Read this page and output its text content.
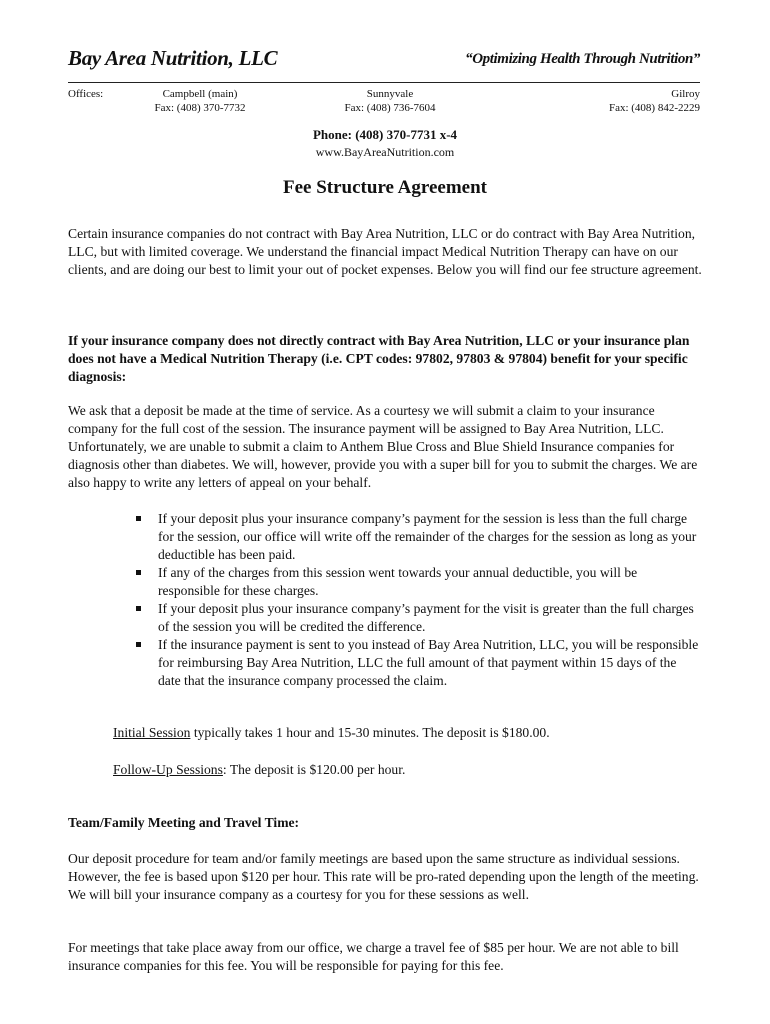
Bay Area Nutrition, LLC	“Optimizing Health Through Nutrition”
Offices:	Campbell (main)
Fax: (408) 370-7732
Sunnyvale
Fax: (408) 736-7604
Gilroy
Fax: (408) 842-2229
Phone: (408) 370-7731 x-4
www.BayAreaNutrition.com
Fee Structure Agreement

Certain insurance companies do not contract with Bay Area Nutrition, LLC or do contract with Bay Area Nutrition, LLC, but with limited coverage. We understand the financial impact Medical Nutrition Therapy can have on our clients, and are doing our best to limit your out of pocket expenses. Below you will find our fee structure agreement.

If your insurance company does not directly contract with Bay Area Nutrition, LLC or your insurance plan does not have a Medical Nutrition Therapy (i.e. CPT codes: 97802, 97803 & 97804) benefit for your specific diagnosis:

We ask that a deposit be made at the time of service. As a courtesy we will submit a claim to your insurance company for the full cost of the session. The insurance payment will be assigned to Bay Area Nutrition, LLC. Unfortunately, we are unable to submit a claim to Anthem Blue Cross and Blue Shield Insurance companies for diagnosis other than diabetes. We will, however, provide you with a super bill for you to submit the charges. We are also happy to write any letters of appeal on your behalf.

If your deposit plus your insurance company’s payment for the session is less than the full charge for the session, our office will write off the remainder of the charges for the session as long as your deductible has been paid.
If any of the charges from this session went towards your annual deductible, you will be responsible for these charges.
If your deposit plus your insurance company’s payment for the visit is greater than the full charges of the session you will be credited the difference.
If the insurance payment is sent to you instead of Bay Area Nutrition, LLC, you will be responsible for reimbursing Bay Area Nutrition, LLC the full amount of that payment within 15 days of the date that the insurance company processed the claim.
Initial Session typically takes 1 hour and 15-30 minutes. The deposit is $180.00.
Follow-Up Sessions: The deposit is $120.00 per hour.

Team/Family Meeting and Travel Time:

Our deposit procedure for team and/or family meetings are based upon the same structure as individual sessions. However, the fee is based upon $120 per hour. This rate will be pro-rated depending upon the length of the meeting. We will bill your insurance company as a courtesy for you for these sessions as well.

For meetings that take place away from our office, we charge a travel fee of $85 per hour. We are not able to bill insurance companies for this fee. You will be responsible for paying for this fee.
